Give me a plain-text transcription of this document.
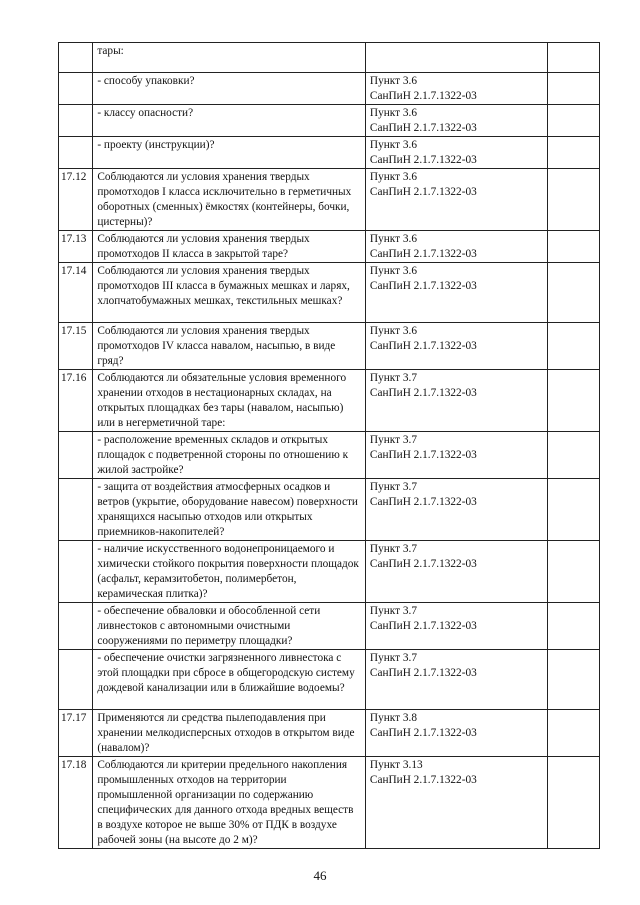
	тары:		
	- способу упаковки?	Пункт 3.6
СанПиН 2.1.7.1322-03	
	- классу опасности?	Пункт 3.6
СанПиН 2.1.7.1322-03	
	- проекту (инструкции)?	Пункт 3.6
СанПиН 2.1.7.1322-03	
17.12	Соблюдаются ли условия хранения твердых промотходов I класса исключительно в герметичных оборотных (сменных) ёмкостях (контейнеры, бочки, цистерны)?	Пункт 3.6
СанПиН 2.1.7.1322-03	
17.13	Соблюдаются ли условия хранения твердых промотходов II класса в закрытой таре?	Пункт 3.6
СанПиН 2.1.7.1322-03	
17.14	Соблюдаются ли условия хранения твердых промотходов III класса в бумажных мешках и ларях, хлопчатобумажных мешках, текстильных мешках?	Пункт 3.6
СанПиН 2.1.7.1322-03	
17.15	Соблюдаются ли условия хранения твердых промотходов IV класса навалом, насыпью, в виде гряд?	Пункт 3.6
СанПиН 2.1.7.1322-03	
17.16	Соблюдаются ли обязательные условия временного хранении отходов в нестационарных складах, на открытых площадках без тары (навалом, насыпью) или в негерметичной таре:	Пункт 3.7
СанПиН 2.1.7.1322-03	
	- расположение временных складов и открытых площадок с подветренной стороны по отношению к жилой застройке?	Пункт 3.7
СанПиН 2.1.7.1322-03	
	- защита от воздействия атмосферных осадков и ветров (укрытие, оборудование навесом) поверхности хранящихся насыпью отходов или открытых приемников-накопителей?	Пункт 3.7
СанПиН 2.1.7.1322-03	
	- наличие искусственного водонепроницаемого и химически стойкого покрытия поверхности площадок (асфальт, керамзитобетон, полимербетон, керамическая плитка)?	Пункт 3.7
СанПиН 2.1.7.1322-03	
	- обеспечение обваловки и обособленной сети ливнестоков с автономными очистными сооружениями по периметру площадки?	Пункт 3.7
СанПиН 2.1.7.1322-03	
	- обеспечение очистки загрязненного ливнестока с этой площадки при сбросе в общегородскую систему дождевой канализации или в ближайшие водоемы?	Пункт 3.7
СанПиН 2.1.7.1322-03	
17.17	Применяются ли средства пылеподавления при хранении мелкодисперсных отходов в открытом виде (навалом)?	Пункт 3.8
СанПиН 2.1.7.1322-03	
17.18	Соблюдаются ли критерии предельного накопления промышленных отходов на территории промышленной организации по содержанию специфических для данного отхода вредных веществ в воздухе которое не выше 30% от ПДК в воздухе рабочей зоны (на высоте до 2 м)?	Пункт 3.13
СанПиН 2.1.7.1322-03	
46
